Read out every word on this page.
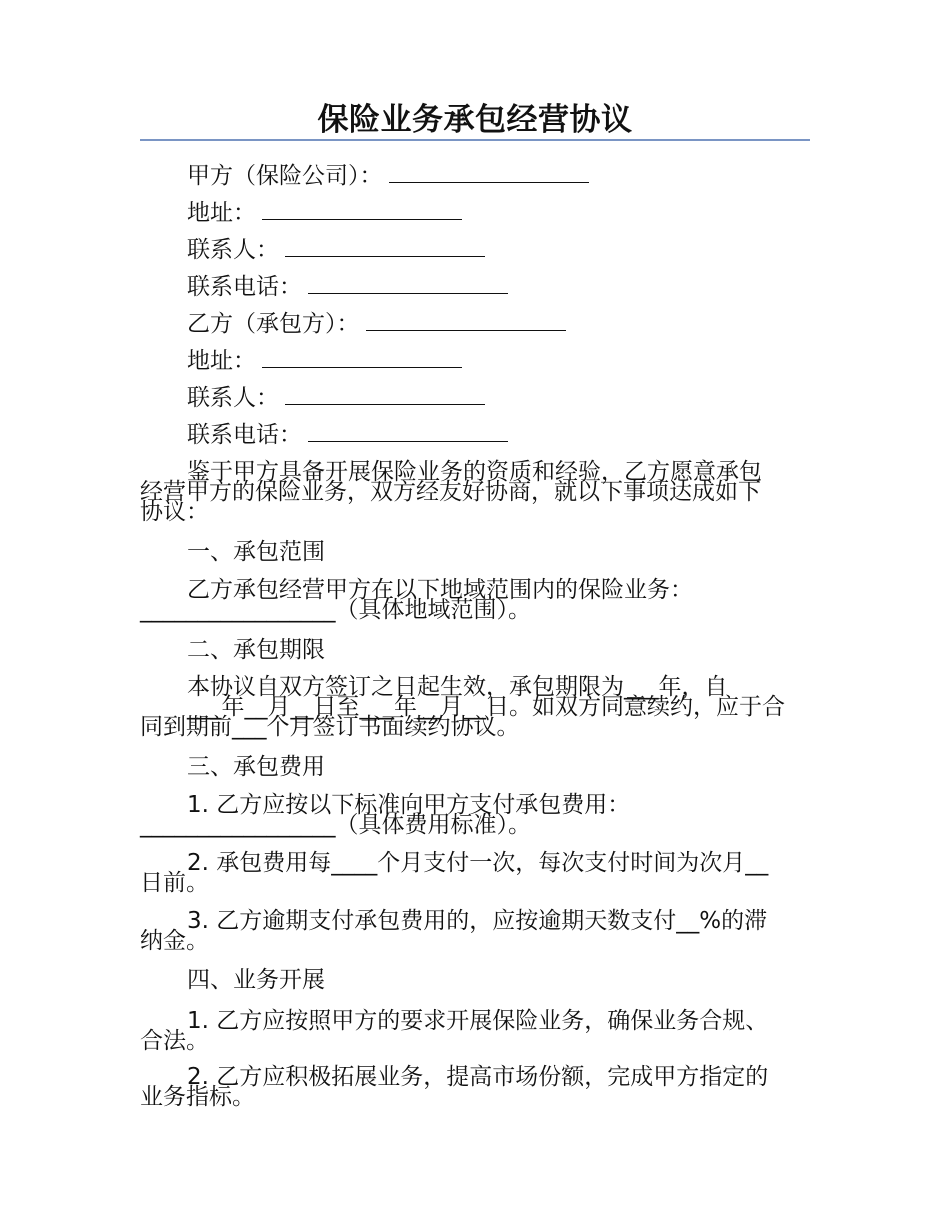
保险业务承包经营协议
甲方（保险公司）：
地址：
联系人：
联系电话：
乙方（承包方）：
地址：
联系人：
联系电话：
鉴于甲方具备开展保险业务的资质和经验，乙方愿意承包
经营甲方的保险业务，双方经友好协商，就以下事项达成如下
协议：
一、承包范围
乙方承包经营甲方在以下地域范围内的保险业务：
_________________（具体地域范围）。
二、承包期限
本协议自双方签订之日起生效，承包期限为___年，自
___年__月__日至___年__月__日。如双方同意续约，应于合
同到期前___个月签订书面续约协议。
三、承包费用
1. 乙方应按以下标准向甲方支付承包费用：
_________________（具体费用标准）。
2. 承包费用每____个月支付一次，每次支付时间为次月__
日前。
3. 乙方逾期支付承包费用的，应按逾期天数支付__%的滞
纳金。
四、业务开展
1. 乙方应按照甲方的要求开展保险业务，确保业务合规、
合法。
2. 乙方应积极拓展业务，提高市场份额，完成甲方指定的
业务指标。
